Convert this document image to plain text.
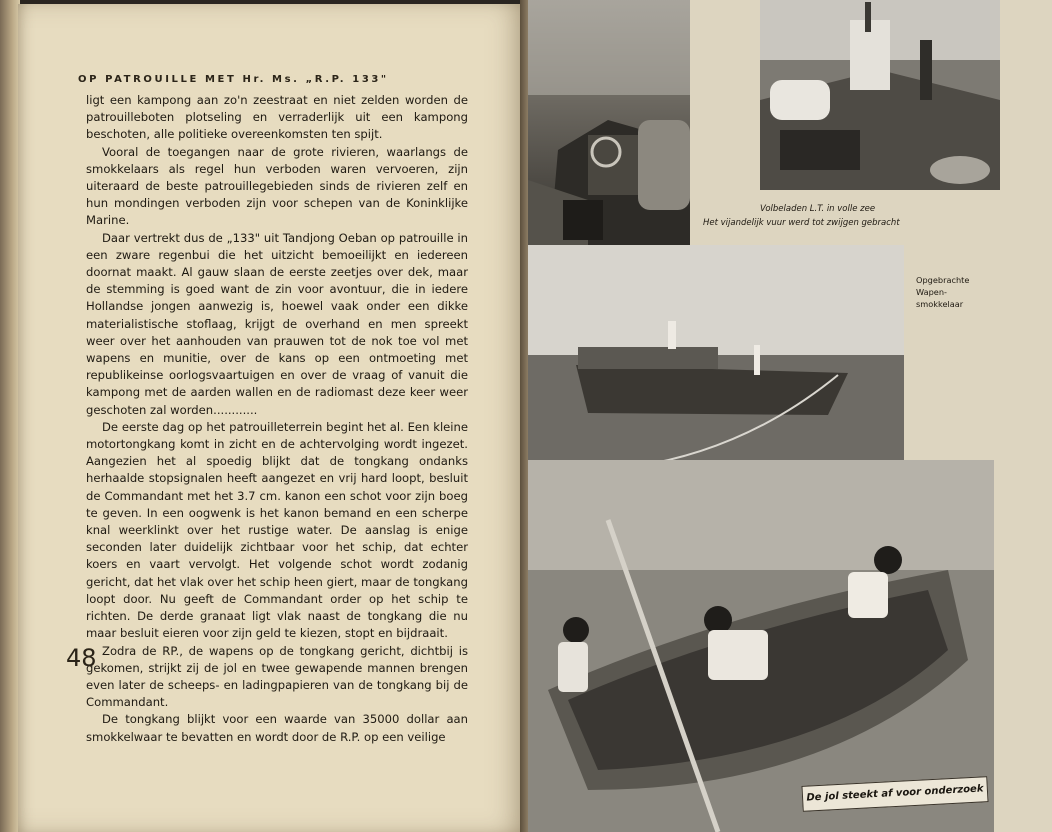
OP PATROUILLE MET Hr. Ms. „R.P. 133"

ligt een kampong aan zo'n zeestraat en niet zelden worden de patrouilleboten plotseling en verraderlijk uit een kampong beschoten, alle politieke overeenkomsten ten spijt.

Vooral de toegangen naar de grote rivieren, waarlangs de smokkelaars als regel hun verboden waren vervoeren, zijn uiteraard de beste patrouillegebieden sinds de rivieren zelf en hun mondingen verboden zijn voor schepen van de Koninklijke Marine.

Daar vertrekt dus de „133" uit Tandjong Oeban op patrouille in een zware regenbui die het uitzicht bemoeilijkt en iedereen doornat maakt. Al gauw slaan de eerste zeetjes over dek, maar de stemming is goed want de zin voor avontuur, die in iedere Hollandse jongen aanwezig is, hoewel vaak onder een dikke materialistische stoflaag, krijgt de overhand en men spreekt weer over het aanhouden van prauwen tot de nok toe vol met wapens en munitie, over de kans op een ontmoeting met republikeinse oorlogsvaartuigen en over de vraag of vanuit die kampong met de aarden wallen en de radiomast deze keer weer geschoten zal worden............

De eerste dag op het patrouilleterrein begint het al. Een kleine motortongkang komt in zicht en de achtervolging wordt ingezet. Aangezien het al spoedig blijkt dat de tongkang ondanks herhaalde stopsignalen heeft aangezet en vrij hard loopt, besluit de Commandant met het 3.7 cm. kanon een schot voor zijn boeg te geven. In een oogwenk is het kanon bemand en een scherpe knal weerklinkt over het rustige water. De aanslag is enige seconden later duidelijk zichtbaar voor het schip, dat echter koers en vaart vervolgt. Het volgende schot wordt zodanig gericht, dat het vlak over het schip heen giert, maar de tongkang loopt door. Nu geeft de Commandant order op het schip te richten. De derde granaat ligt vlak naast de tongkang die nu maar besluit eieren voor zijn geld te kiezen, stopt en bijdraait.

Zodra de RP., de wapens op de tongkang gericht, dichtbij is gekomen, strijkt zij de jol en twee gewapende mannen brengen even later de scheeps- en ladingpapieren van de tongkang bij de Commandant.

De tongkang blijkt voor een waarde van 35000 dollar aan smokkelwaar te bevatten en wordt door de R.P. op een veilige

48
Volbeladen L.T. in volle zee
Het vijandelijk vuur werd tot zwijgen gebracht
Opgebrachte
Wapen-
smokkelaar
De jol steekt af voor onderzoek
